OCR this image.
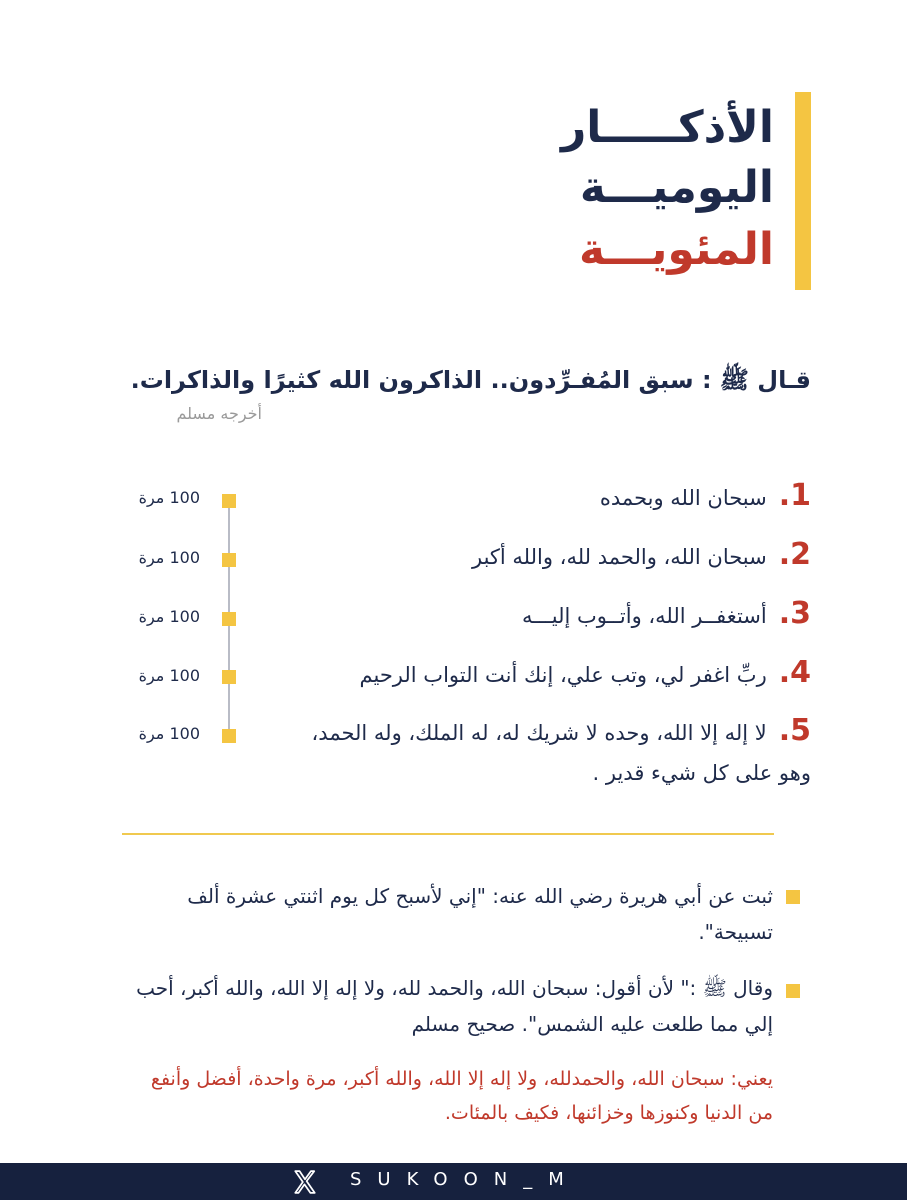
الأذكـــــار
اليوميـــة
المئويـــة
قـال ﷺ : سبق المُفـرِّدون.. الذاكرون الله كثيرًا والذاكرات.
أخرجه مسلم
100 مرة	1.سبحان الله وبحمده
100 مرة	2.سبحان الله، والحمد لله، والله أكبر
100 مرة	3.أستغفــر الله، وأتــوب إليـــه
100 مرة	4.ربِّ اغفر لي، وتب علي، إنك أنت التواب الرحيم
100 مرة	5.لا إله إلا الله، وحده لا شريك له، له الملك، وله الحمد، وهو على كل شيء قدير .
ثبت عن أبي هريرة رضي الله عنه: "إني لأسبح كل يوم اثنتي عشرة ألف تسبيحة".
وقال ﷺ :" لأن أقول: سبحان الله، والحمد لله، ولا إله إلا الله، والله أكبر، أحب إلي مما طلعت عليه الشمس". صحيح مسلم
يعني: سبحان الله، والحمدلله، ولا إله إلا الله، والله أكبر، مرة واحدة، أفضل وأنفع من الدنيا وكنوزها وخزائنها، فكيف بالمئات.
SUKOON_M
